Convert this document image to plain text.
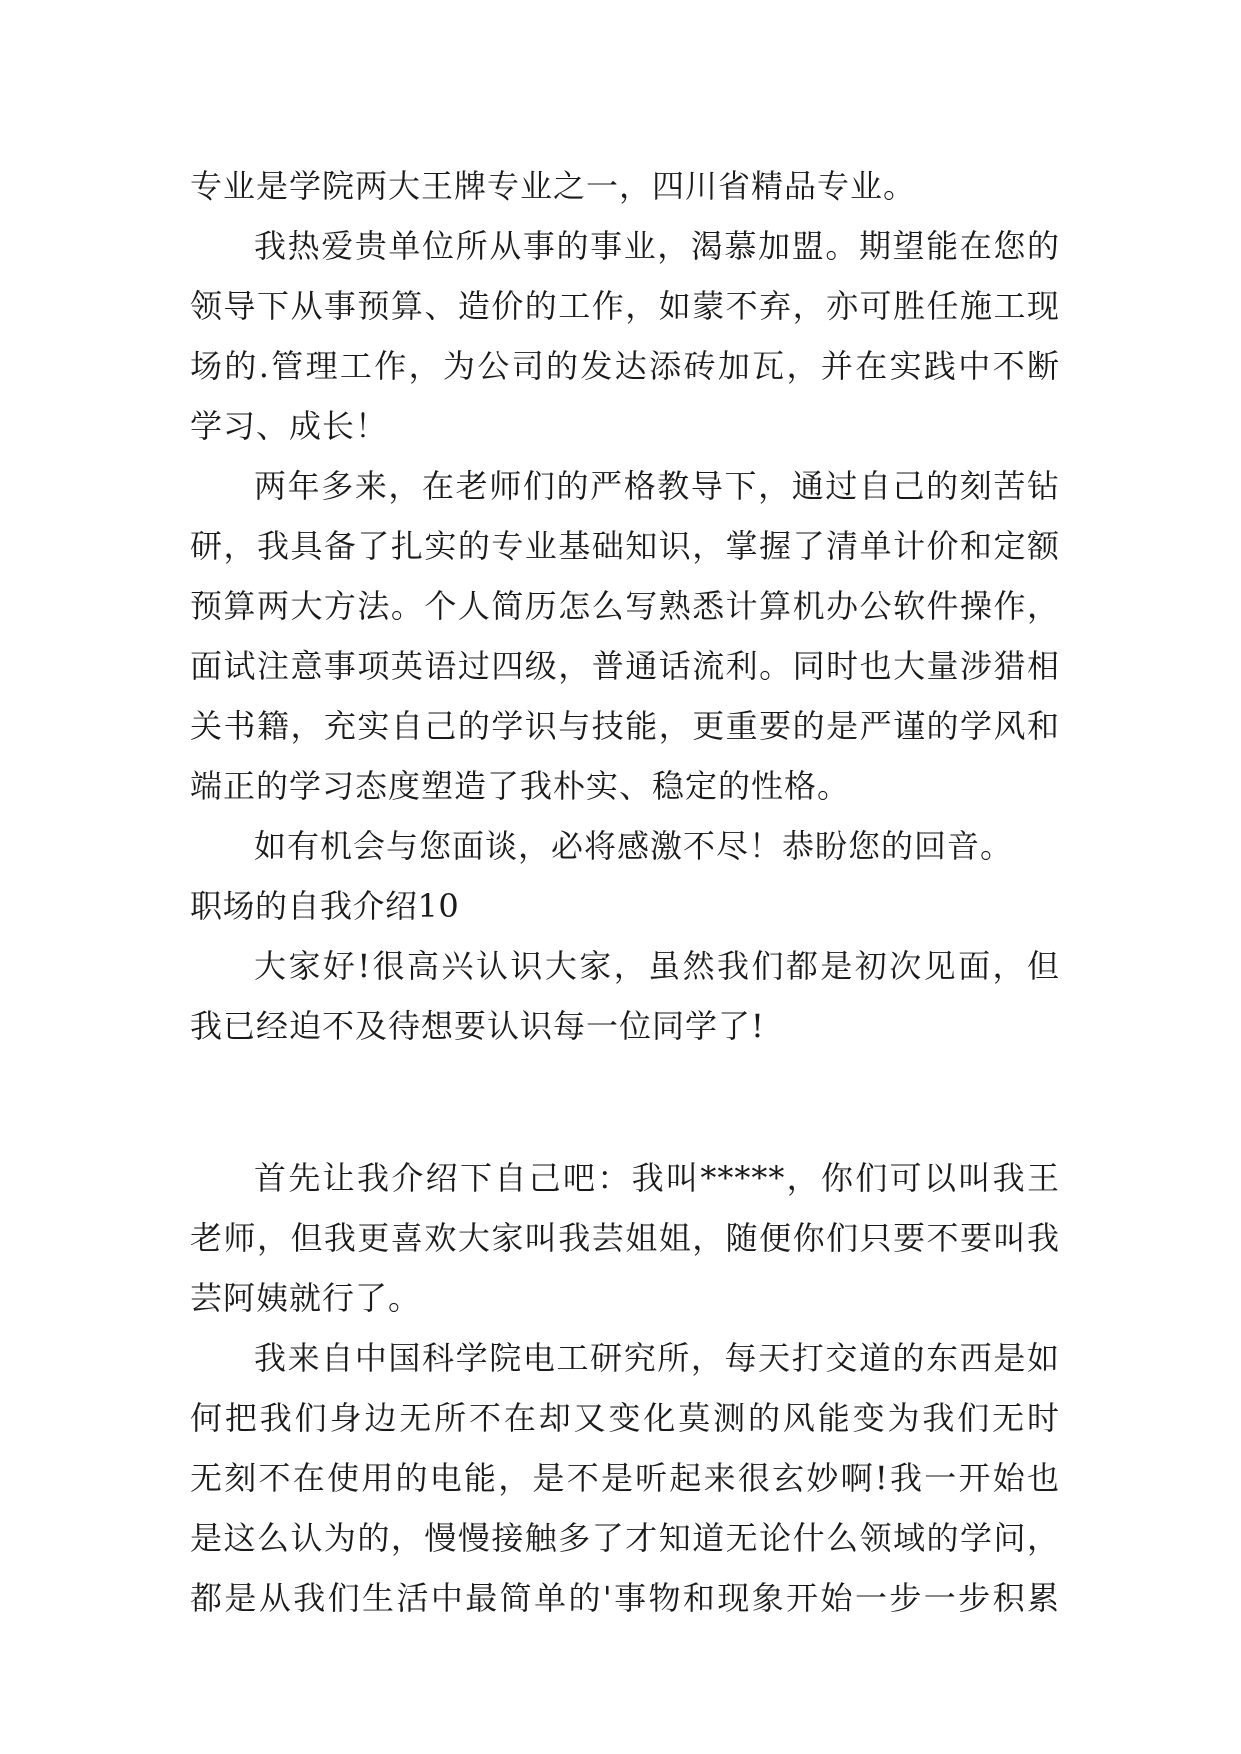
专业是学院两大王牌专业之一，四川省精品专业。
我热爱贵单位所从事的事业，渴慕加盟。期望能在您的
领导下从事预算、造价的工作，如蒙不弃，亦可胜任施工现
场的.管理工作，为公司的发达添砖加瓦，并在实践中不断
学习、成长！
两年多来，在老师们的严格教导下，通过自己的刻苦钻
研，我具备了扎实的专业基础知识，掌握了清单计价和定额
预算两大方法。个人简历怎么写熟悉计算机办公软件操作，
面试注意事项英语过四级，普通话流利。同时也大量涉猎相
关书籍，充实自己的学识与技能，更重要的是严谨的学风和
端正的学习态度塑造了我朴实、稳定的性格。
如有机会与您面谈，必将感激不尽！恭盼您的回音。
职场的自我介绍10
大家好!很高兴认识大家，虽然我们都是初次见面，但
我已经迫不及待想要认识每一位同学了!
首先让我介绍下自己吧：我叫*****，你们可以叫我王
老师，但我更喜欢大家叫我芸姐姐，随便你们只要不要叫我
芸阿姨就行了。
我来自中国科学院电工研究所，每天打交道的东西是如
何把我们身边无所不在却又变化莫测的风能变为我们无时
无刻不在使用的电能，是不是听起来很玄妙啊!我一开始也
是这么认为的，慢慢接触多了才知道无论什么领域的学问，
都是从我们生活中最简单的'事物和现象开始一步一步积累
